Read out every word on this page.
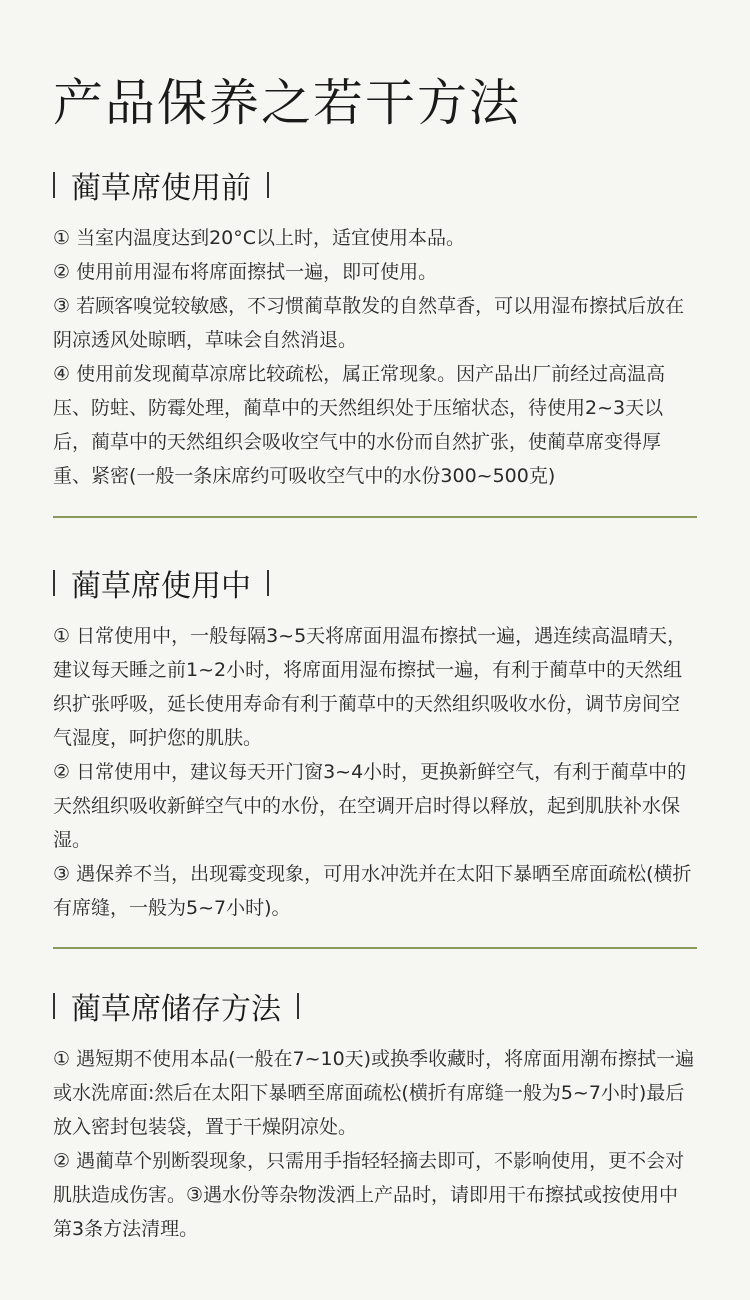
产品保养之若干方法
蔺草席使用前

① 当室内温度达到20°C以上时，适宜使用本品。

② 使用前用湿布将席面擦拭一遍，即可使用。

③ 若顾客嗅觉较敏感，不习惯蔺草散发的自然草香，可以用湿布擦拭后放在阴凉透风处晾晒，草味会自然消退。

④ 使用前发现蔺草凉席比较疏松，属正常现象。因产品出厂前经过高温高压、防蛀、防霉处理，蔺草中的天然组织处于压缩状态，待使用2~3天以后，蔺草中的天然组织会吸收空气中的水份而自然扩张，使蔺草席变得厚重、紧密(一般一条床席约可吸收空气中的水份300~500克)

蔺草席使用中

① 日常使用中，一般每隔3~5天将席面用温布擦拭一遍，遇连续高温晴天，建议每天睡之前1~2小时，将席面用湿布擦拭一遍，有利于蔺草中的天然组织扩张呼吸，延长使用寿命有利于蔺草中的天然组织吸收水份，调节房间空气湿度，呵护您的肌肤。

② 日常使用中，建议每天开门窗3~4小时，更换新鲜空气，有利于蔺草中的天然组织吸收新鲜空气中的水份，在空调开启时得以释放，起到肌肤补水保湿。

③ 遇保养不当，出现霉变现象，可用水冲洗并在太阳下暴晒至席面疏松(横折有席缝，一般为5~7小时)。

蔺草席储存方法

① 遇短期不使用本品(一般在7~10天)或换季收藏时，将席面用潮布擦拭一遍或水洗席面:然后在太阳下暴晒至席面疏松(横折有席缝一般为5~7小时)最后放入密封包装袋，置于干燥阴凉处。

② 遇蔺草个别断裂现象，只需用手指轻轻摘去即可，不影响使用，更不会对肌肤造成伤害。③遇水份等杂物泼洒上产品时，请即用干布擦拭或按使用中第3条方法清理。
